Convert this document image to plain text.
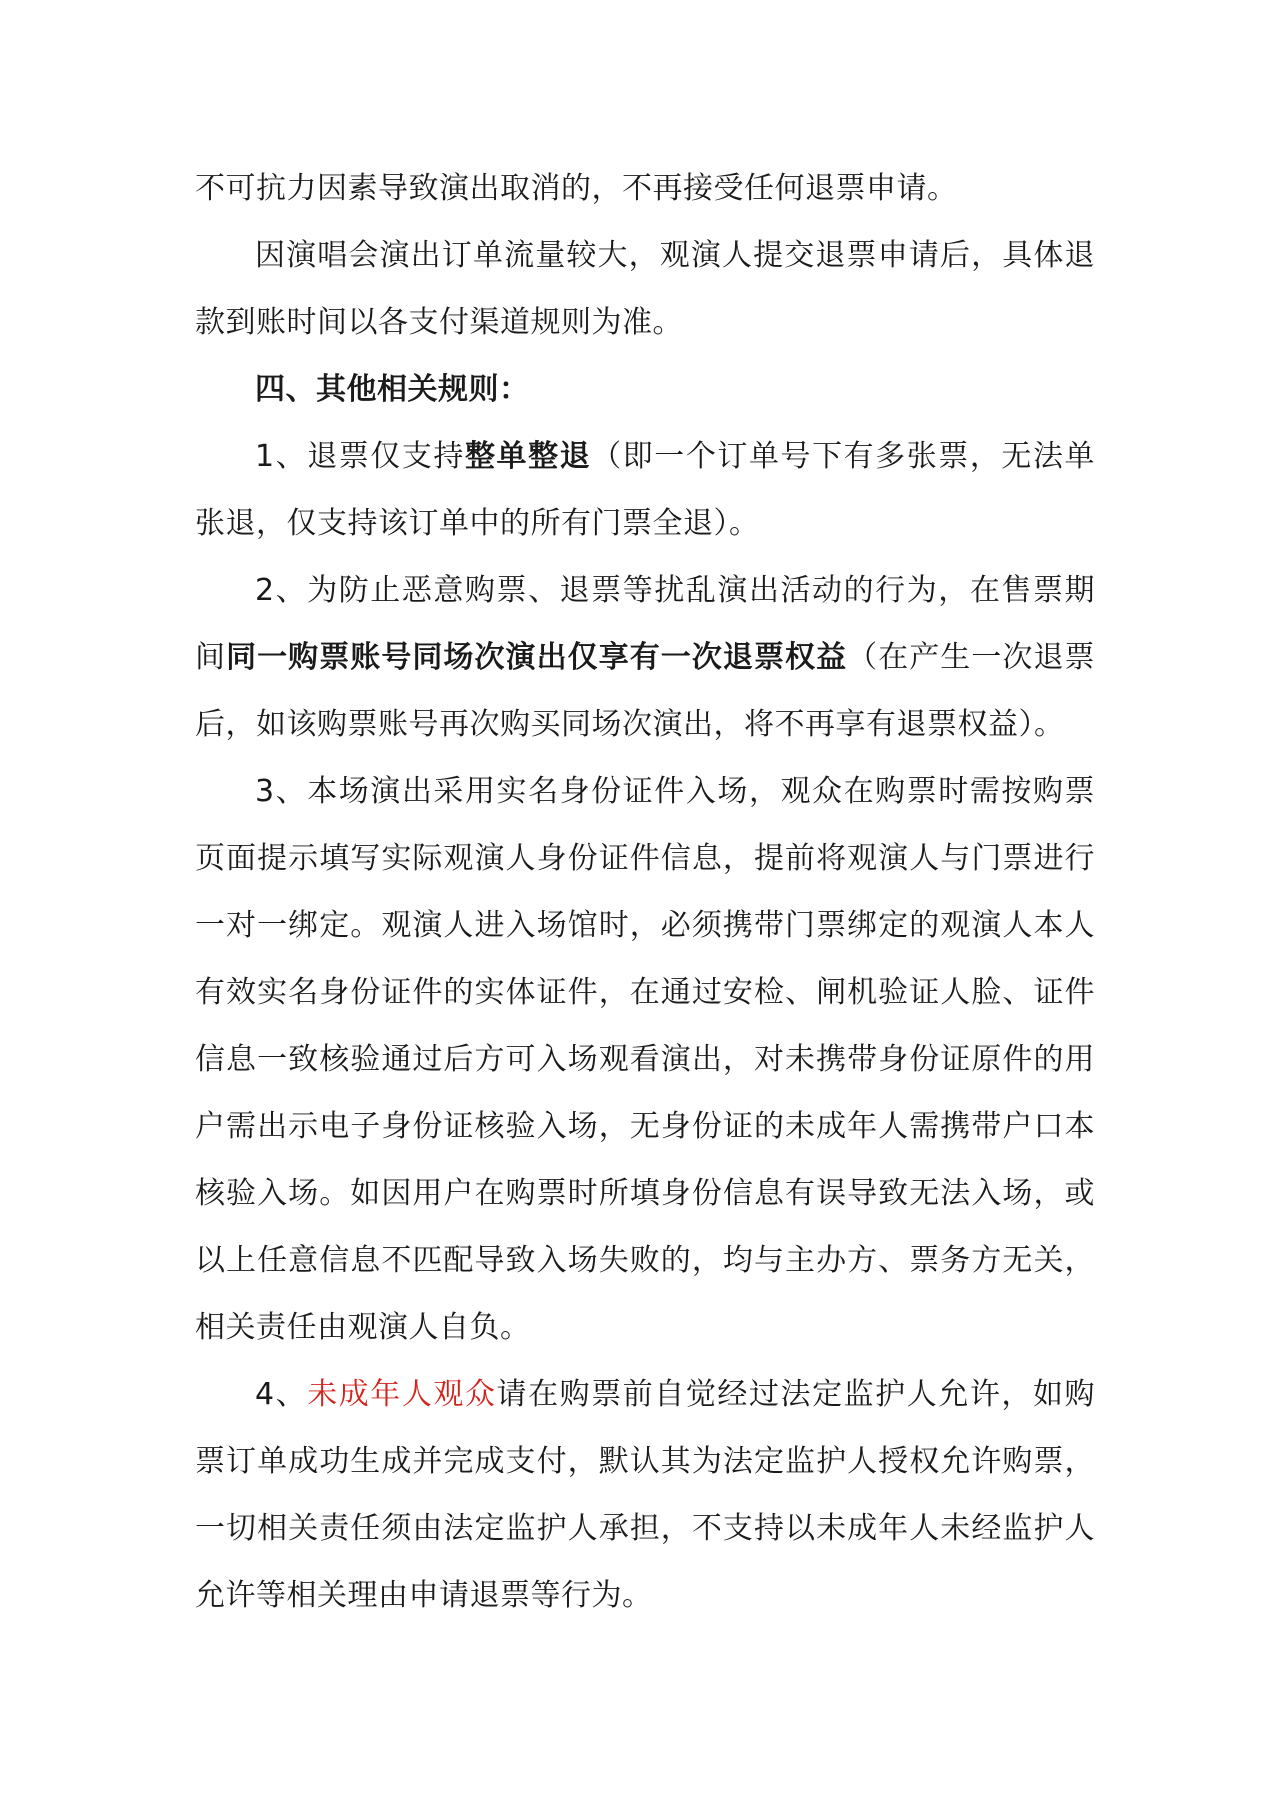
不可抗力因素导致演出取消的，不再接受任何退票申请。

因演唱会演出订单流量较大，观演人提交退票申请后，具体退款到账时间以各支付渠道规则为准。

四、其他相关规则：

1、退票仅支持整单整退（即一个订单号下有多张票，无法单张退，仅支持该订单中的所有门票全退）。

2、为防止恶意购票、退票等扰乱演出活动的行为，在售票期间同一购票账号同场次演出仅享有一次退票权益（在产生一次退票后，如该购票账号再次购买同场次演出，将不再享有退票权益）。

3、本场演出采用实名身份证件入场，观众在购票时需按购票页面提示填写实际观演人身份证件信息，提前将观演人与门票进行一对一绑定。观演人进入场馆时，必须携带门票绑定的观演人本人有效实名身份证件的实体证件，在通过安检、闸机验证人脸、证件信息一致核验通过后方可入场观看演出，对未携带身份证原件的用户需出示电子身份证核验入场，无身份证的未成年人需携带户口本核验入场。如因用户在购票时所填身份信息有误导致无法入场，或以上任意信息不匹配导致入场失败的，均与主办方、票务方无关，相关责任由观演人自负。

4、未成年人观众请在购票前自觉经过法定监护人允许，如购票订单成功生成并完成支付，默认其为法定监护人授权允许购票，一切相关责任须由法定监护人承担，不支持以未成年人未经监护人允许等相关理由申请退票等行为。
